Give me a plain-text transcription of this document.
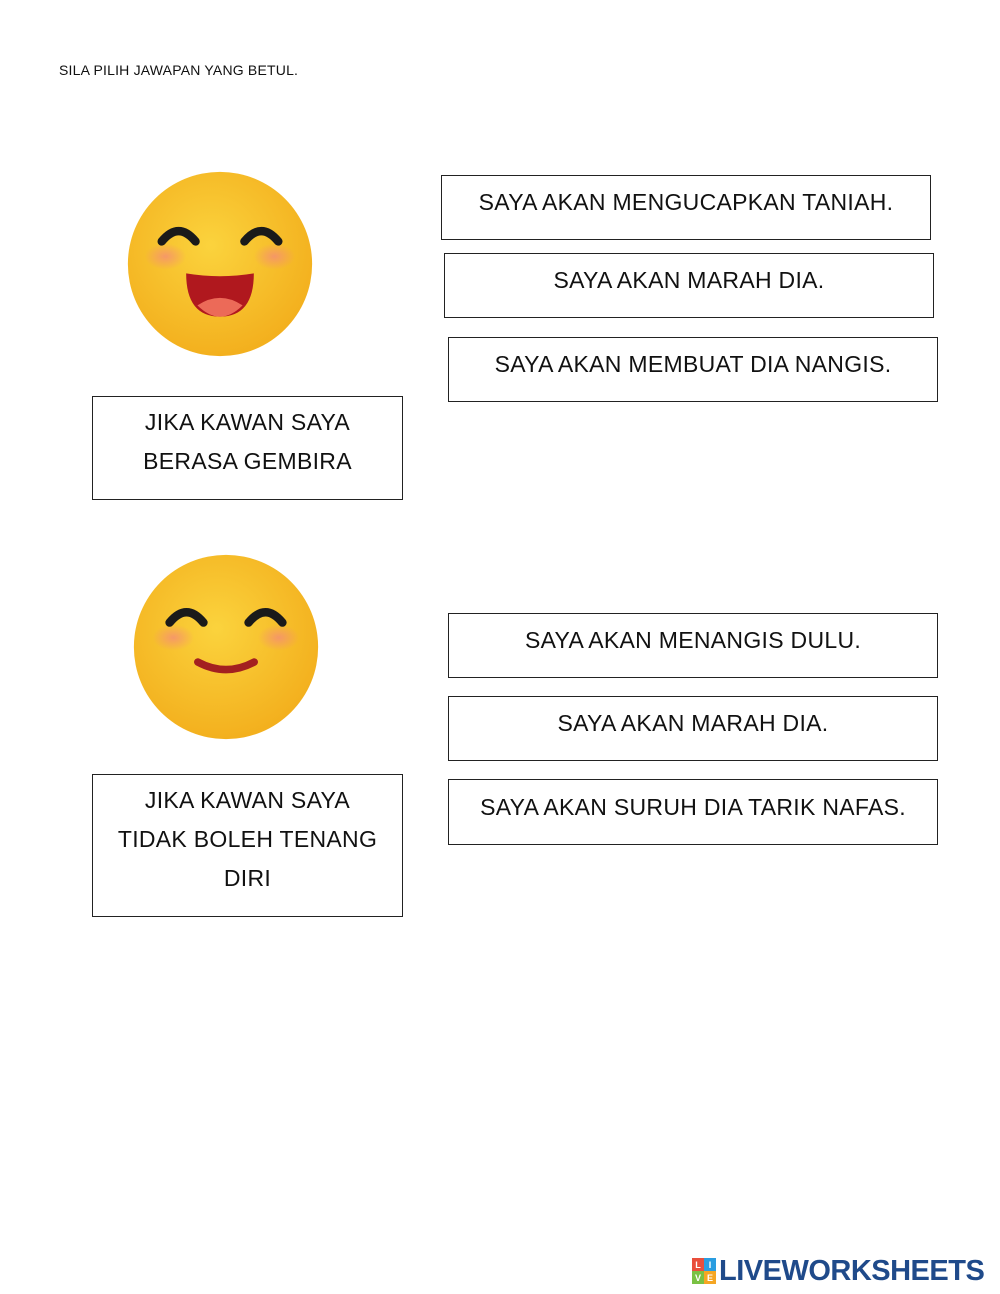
SILA PILIH JAWAPAN YANG BETUL.
SAYA AKAN MENGUCAPKAN TANIAH.
SAYA AKAN MARAH DIA.
SAYA AKAN MEMBUAT DIA NANGIS.
JIKA KAWAN SAYA
BERASA GEMBIRA
SAYA AKAN MENANGIS DULU.
SAYA AKAN MARAH DIA.
SAYA AKAN SURUH DIA TARIK NAFAS.
JIKA KAWAN SAYA
TIDAK BOLEH TENANG
DIRI
L I
V E LIVEWORKSHEETS
